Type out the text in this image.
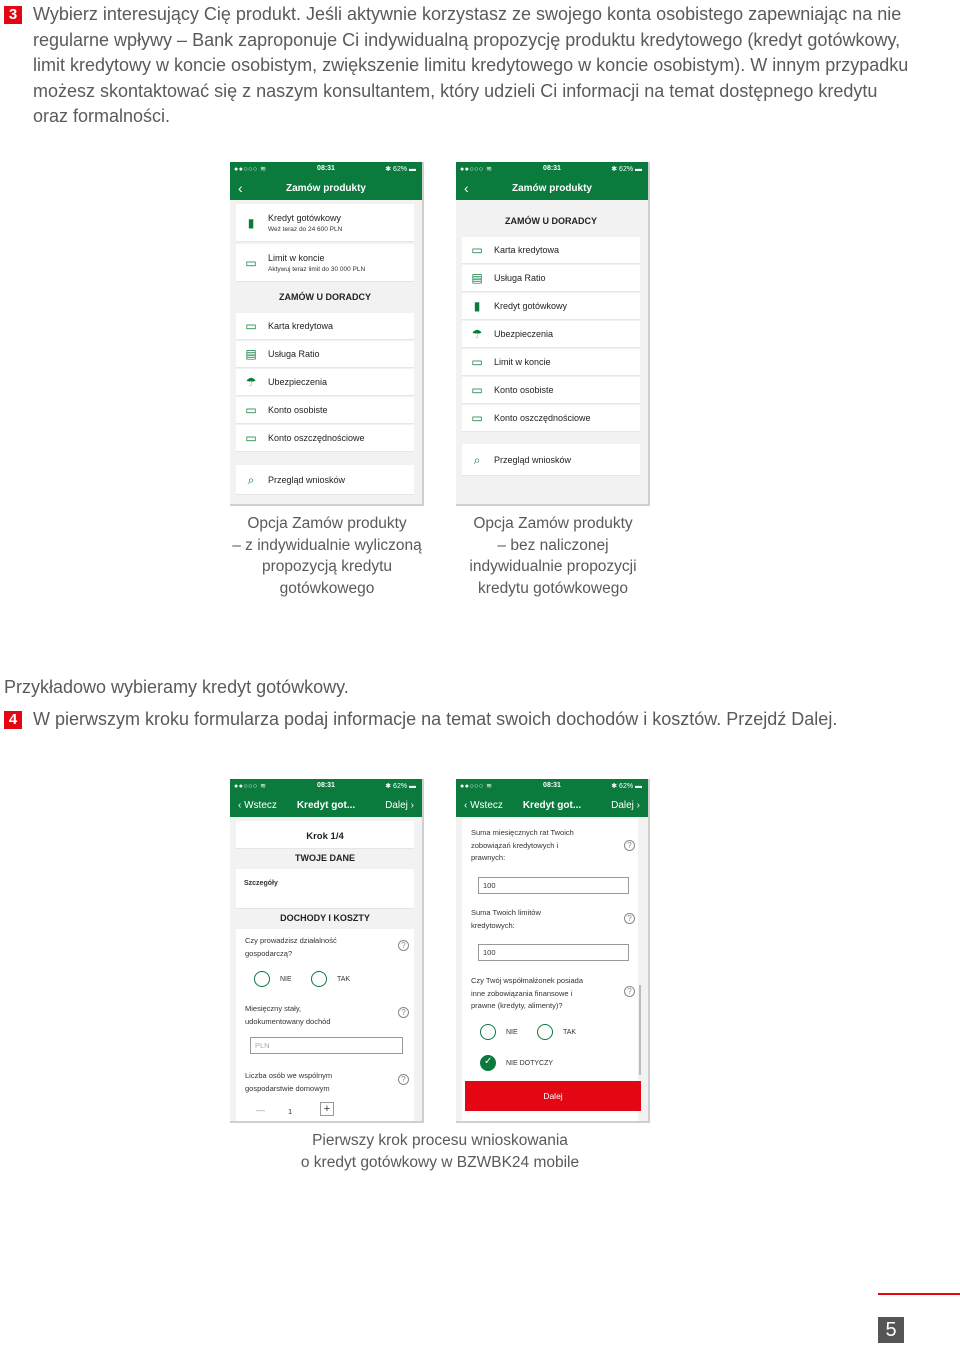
3 Wybierz interesujący Cię produkt. Jeśli aktywnie korzystasz ze swojego konta osobistego zapewniając na nie
regularne wpływy – Bank zaproponuje Ci indywidualną propozycję produktu kredytowego (kredyt gotówkowy,
limit kredytowy w koncie osobistym, zwiększenie limitu kredytowego w koncie osobistym). W innym przypadku
możesz skontaktować się z naszym konsultantem, który udzieli Ci informacji na temat dostępnego kredytu
oraz formalności.
●●○○○ ≋	08:31	✱ 62% ▬
‹	Zamów produkty
▮	Kredyt gotówkowy
Weź teraz do 24 600 PLN
▭ Limit w koncie
Aktywuj teraz limit do 30 000 PLN
ZAMÓW U DORADCY
▭ Karta kredytowa
▤ Usługa Ratio
☂ Ubezpieczenia
▭ Konto osobiste
▭ Konto oszczędnościowe
⌕	Przegląd wniosków
●●○○○ ≋	08:31	✱ 62% ▬
‹	Zamów produkty
ZAMÓW U DORADCY
▭ Karta kredytowa
▤ Usługa Ratio
▮	Kredyt gotówkowy
☂ Ubezpieczenia
▭ Limit w koncie
▭ Konto osobiste
▭ Konto oszczędnościowe
⌕	Przegląd wniosków
Opcja Zamów produkty
– z indywidualnie wyliczoną
propozycją kredytu
gotówkowego
Opcja Zamów produkty
– bez naliczonej
indywidualnie propozycji
kredytu gotówkowego
Przykładowo wybieramy kredyt gotówkowy.
4 W pierwszym kroku formularza podaj informacje na temat swoich dochodów i kosztów. Przejdź Dalej.
●●○○○ ≋	08:31	✱ 62% ▬
‹ Wstecz	Kredyt got...	Dalej ›
Krok 1/4
TWOJE DANE
Szczegóły
DOCHODY I KOSZTY
Czy prowadzisz działalność
gospodarczą?
?
NIE	TAK
Miesięczny stały,
udokumentowany dochód
?
PLN
Liczba osób we wspólnym
gospodarstwie domowym
?
—	1	+
●●○○○ ≋	08:31	✱ 62% ▬
‹ Wstecz	Kredyt got...	Dalej ›
Suma miesięcznych rat Twoich
zobowiązań kredytowych i
prawnych:
?
100
Suma Twoich limitów
kredytowych:
?
100
Czy Twój współmałżonek posiada
inne zobowiązania finansowe i
prawne (kredyty, alimenty)?
?
NIE	TAK
✓
NIE DOTYCZY
Dalej
Pierwszy krok procesu wnioskowania
o kredyt gotówkowy w BZWBK24 mobile
5
